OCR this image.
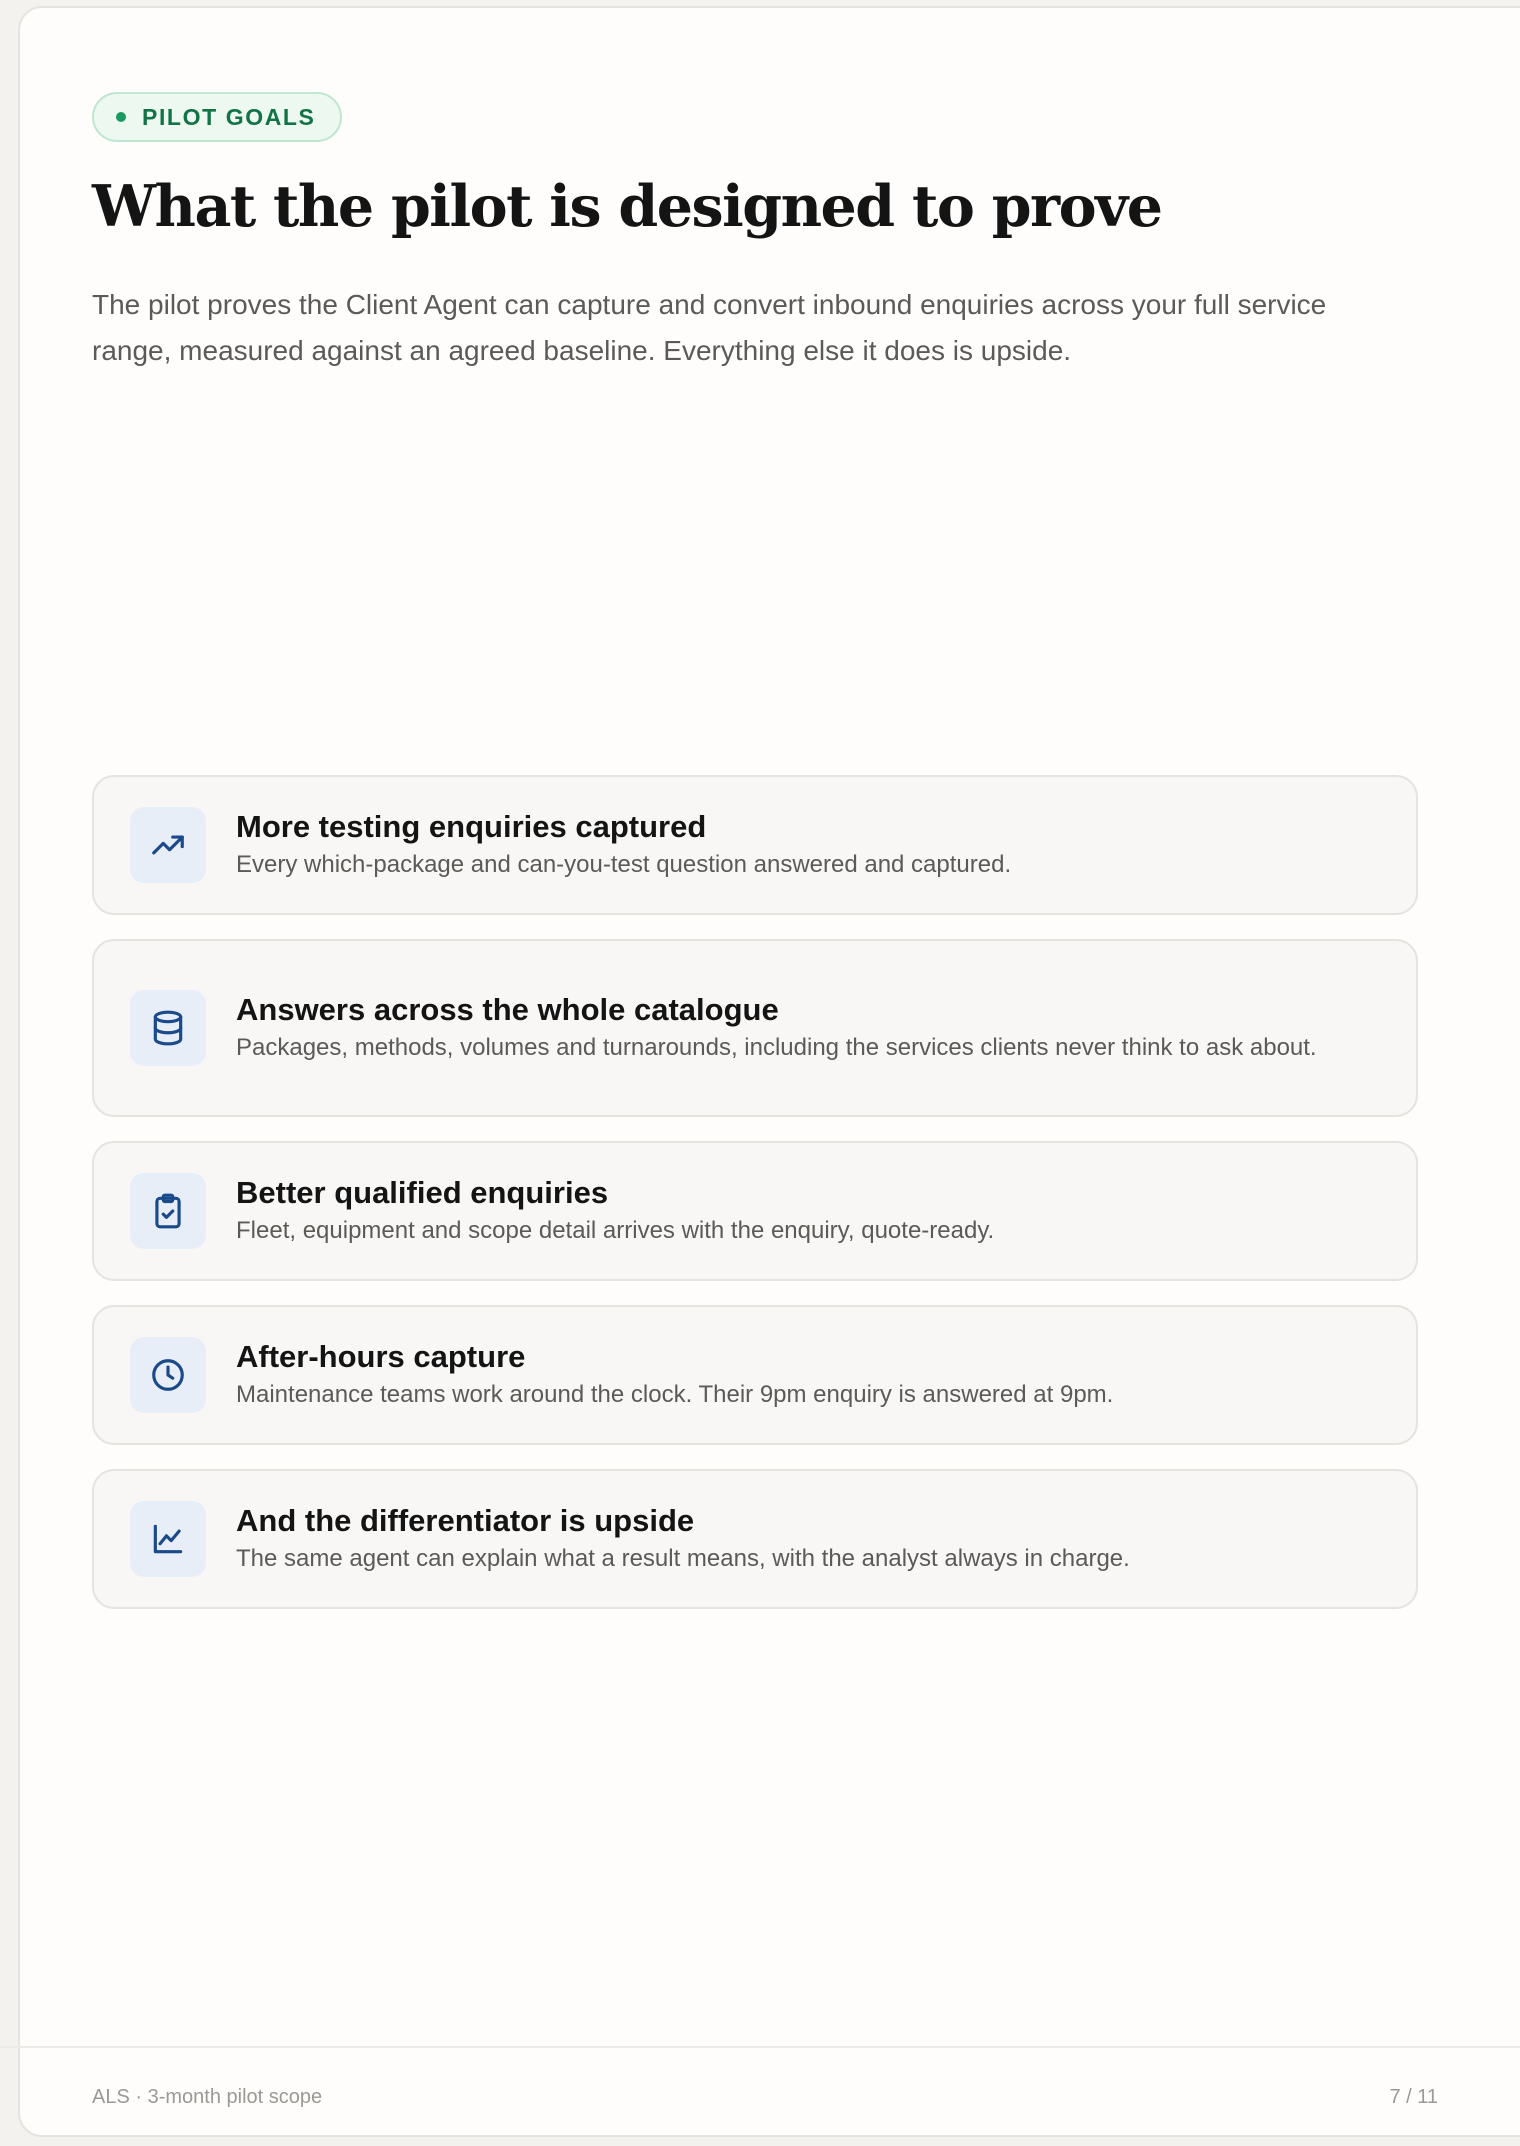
PILOT GOALS
What the pilot is designed to prove

The pilot proves the Client Agent can capture and convert inbound enquiries across your full service range, measured against an agreed baseline. Everything else it does is upside.

More testing enquiries captured
Every which-package and can-you-test question answered and captured.
Answers across the whole catalogue
Packages, methods, volumes and turnarounds, including the services clients never think to ask about.
Better qualified enquiries
Fleet, equipment and scope detail arrives with the enquiry, quote-ready.
After-hours capture
Maintenance teams work around the clock. Their 9pm enquiry is answered at 9pm.
And the differentiator is upside
The same agent can explain what a result means, with the analyst always in charge.
ALS · 3-month pilot scope	7 / 11
